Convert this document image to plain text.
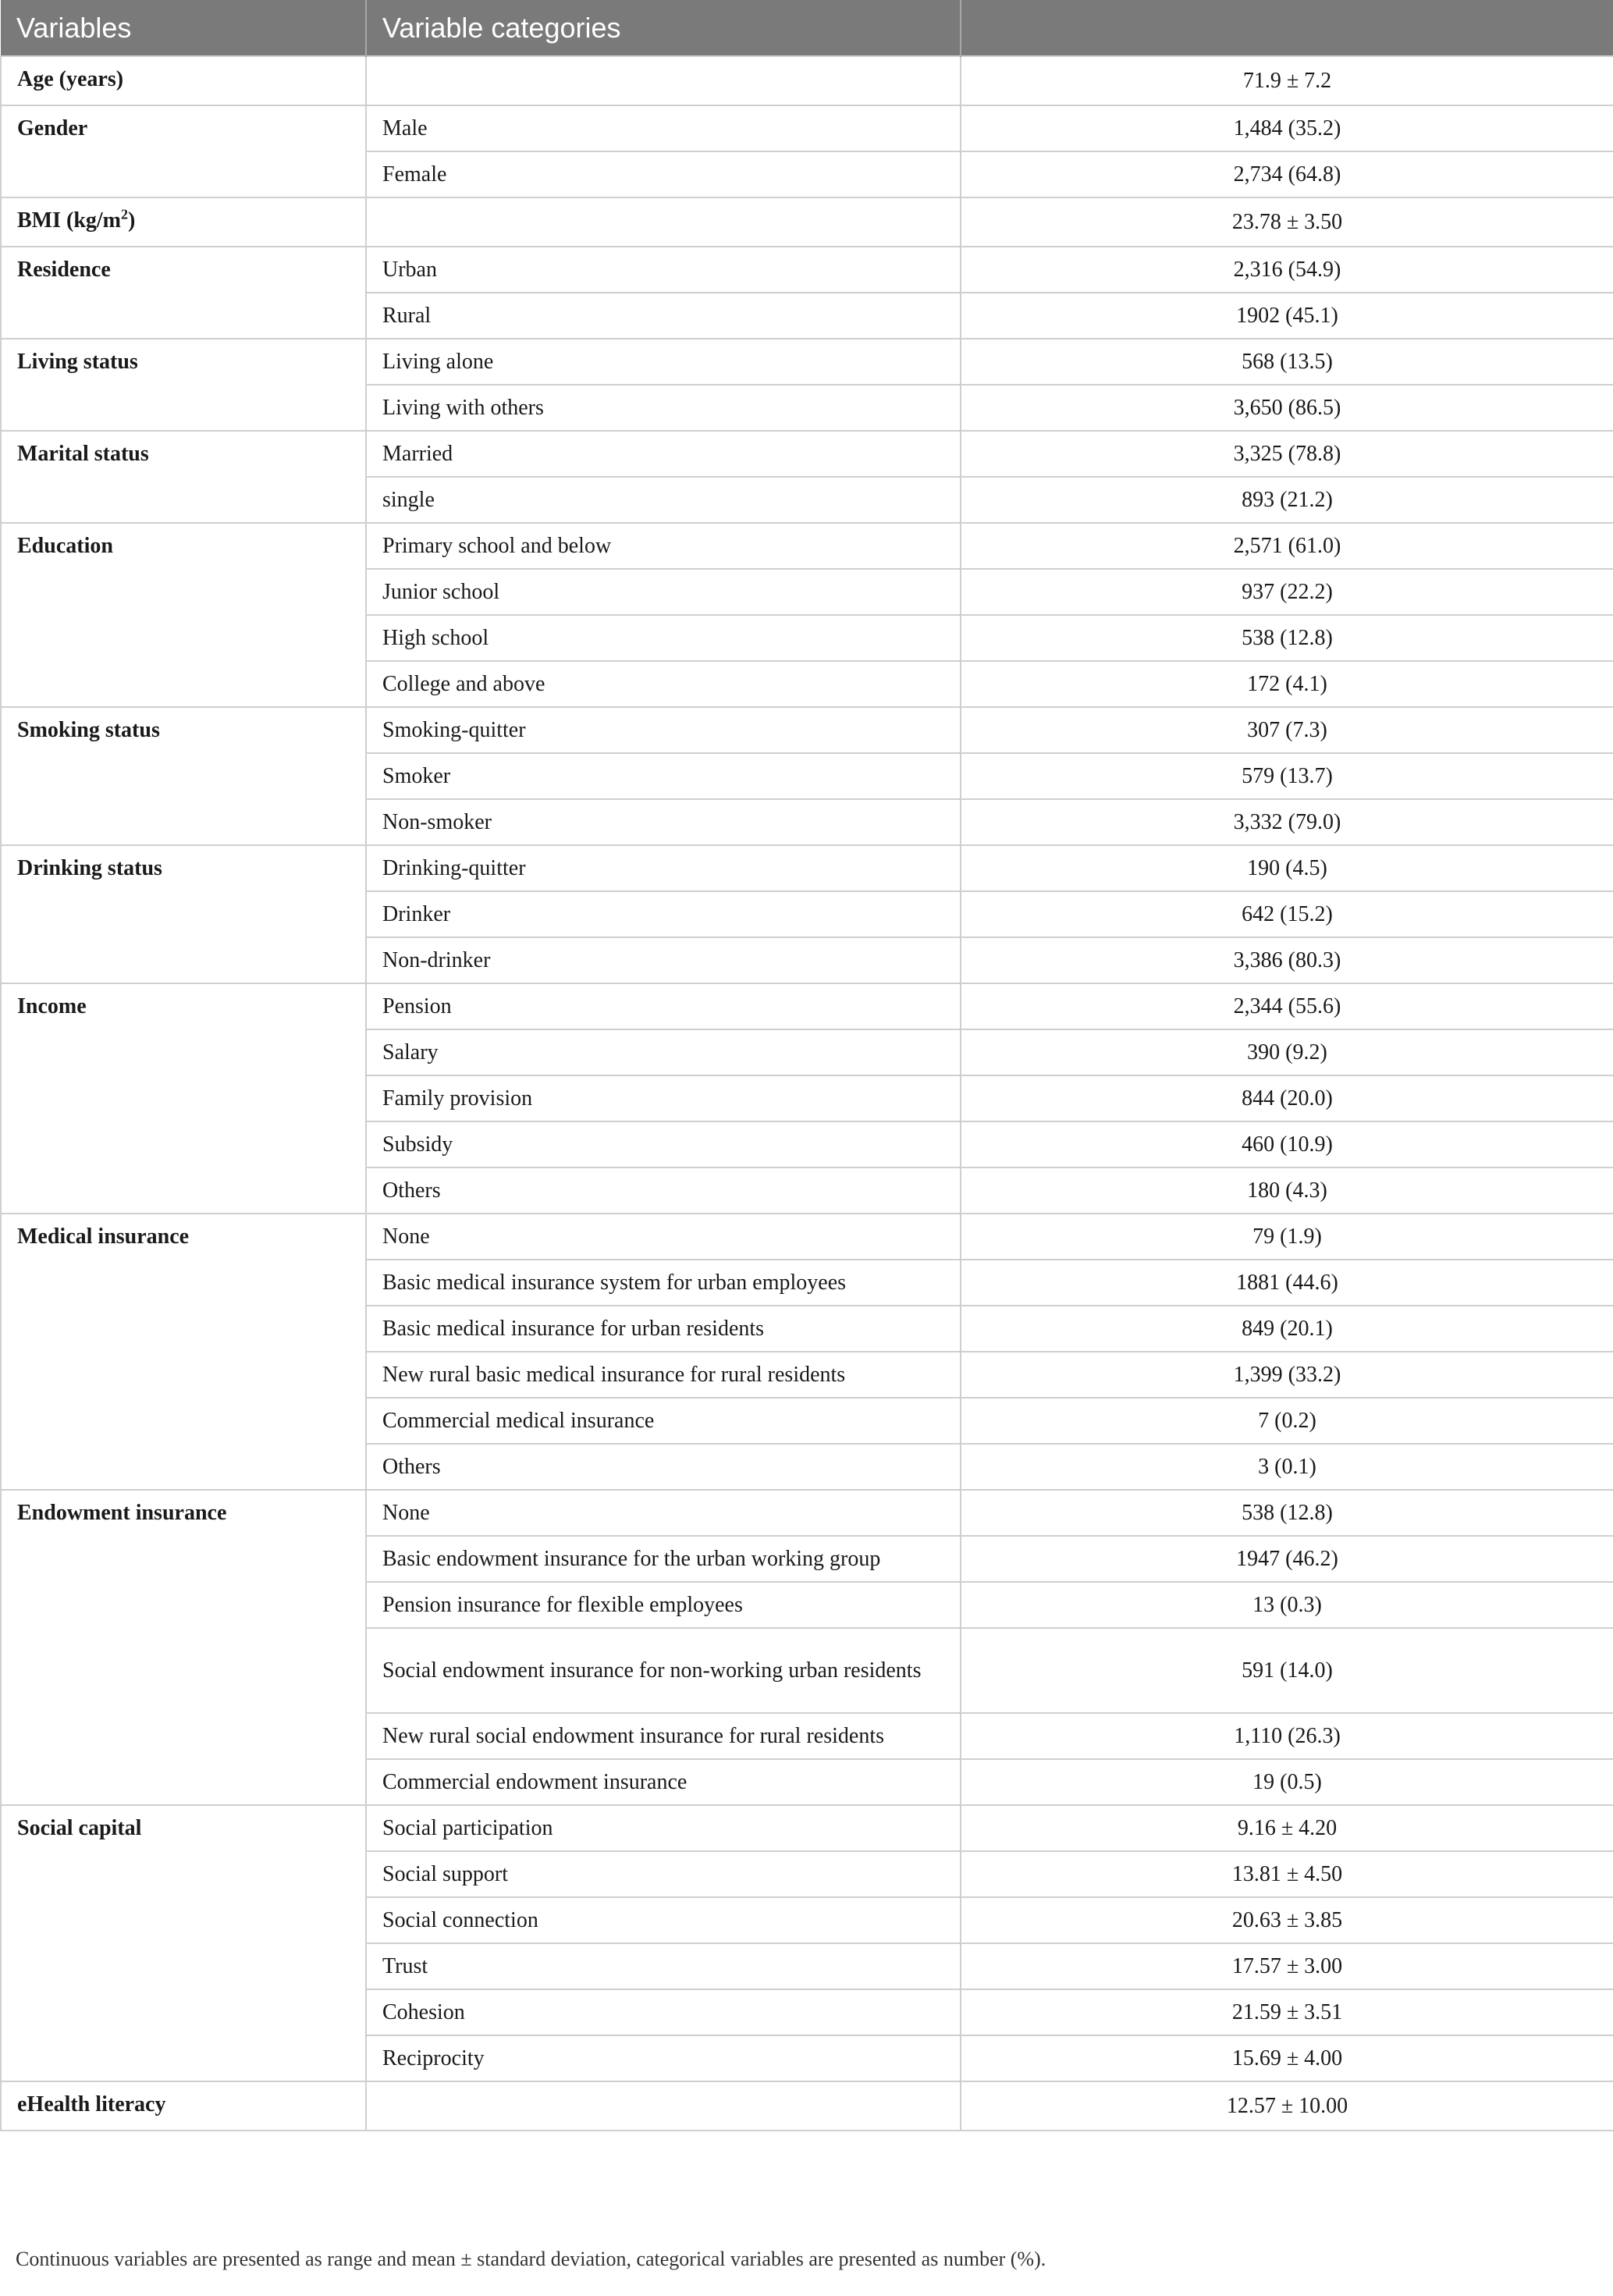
Variables	Variable categories	
Age (years)		71.9 ± 7.2
Gender	Male	1,484 (35.2)
	Female	2,734 (64.8)
BMI $(kg/m^2)$		23.78 ± 3.50
Residence	Urban	2,316 (54.9)
	Rural	1902 (45.1)
Living status	Living alone	568 (13.5)
	Living with others	3,650 (86.5)
Marital status	Married	3,325 (78.8)
	single	893 (21.2)
Education	Primary school and below	2,571 (61.0)
	Junior school	937 (22.2)
	High school	538 (12.8)
	College and above	172 (4.1)
Smoking status	Smoking-quitter	307 (7.3)
	Smoker	579 (13.7)
	Non-smoker	3,332 (79.0)
Drinking status	Drinking-quitter	190 (4.5)
	Drinker	642 (15.2)
	Non-drinker	3,386 (80.3)
Income	Pension	2,344 (55.6)
	Salary	390 (9.2)
	Family provision	844 (20.0)
	Subsidy	460 (10.9)
	Others	180 (4.3)
Medical insurance	None	79 (1.9)
	Basic medical insurance system for urban employees	1881 (44.6)
	Basic medical insurance for urban residents	849 (20.1)
	New rural basic medical insurance for rural residents	1,399 (33.2)
	Commercial medical insurance	7 (0.2)
	Others	3 (0.1)
Endowment insurance	None	538 (12.8)
	Basic endowment insurance for the urban working group	1947 (46.2)
	Pension insurance for flexible employees	13 (0.3)
	Social endowment insurance for non-working urban residents	591 (14.0)
	New rural social endowment insurance for rural residents	1,110 (26.3)
	Commercial endowment insurance	19 (0.5)
Social capital	Social participation	9.16 ± 4.20
	Social support	13.81 ± 4.50
	Social connection	20.63 ± 3.85
	Trust	17.57 ± 3.00
	Cohesion	21.59 ± 3.51
	Reciprocity	15.69 ± 4.00
eHealth literacy		12.57 ± 10.00
Continuous variables are presented as range and mean ± standard deviation, categorical variables are presented as number (%).
